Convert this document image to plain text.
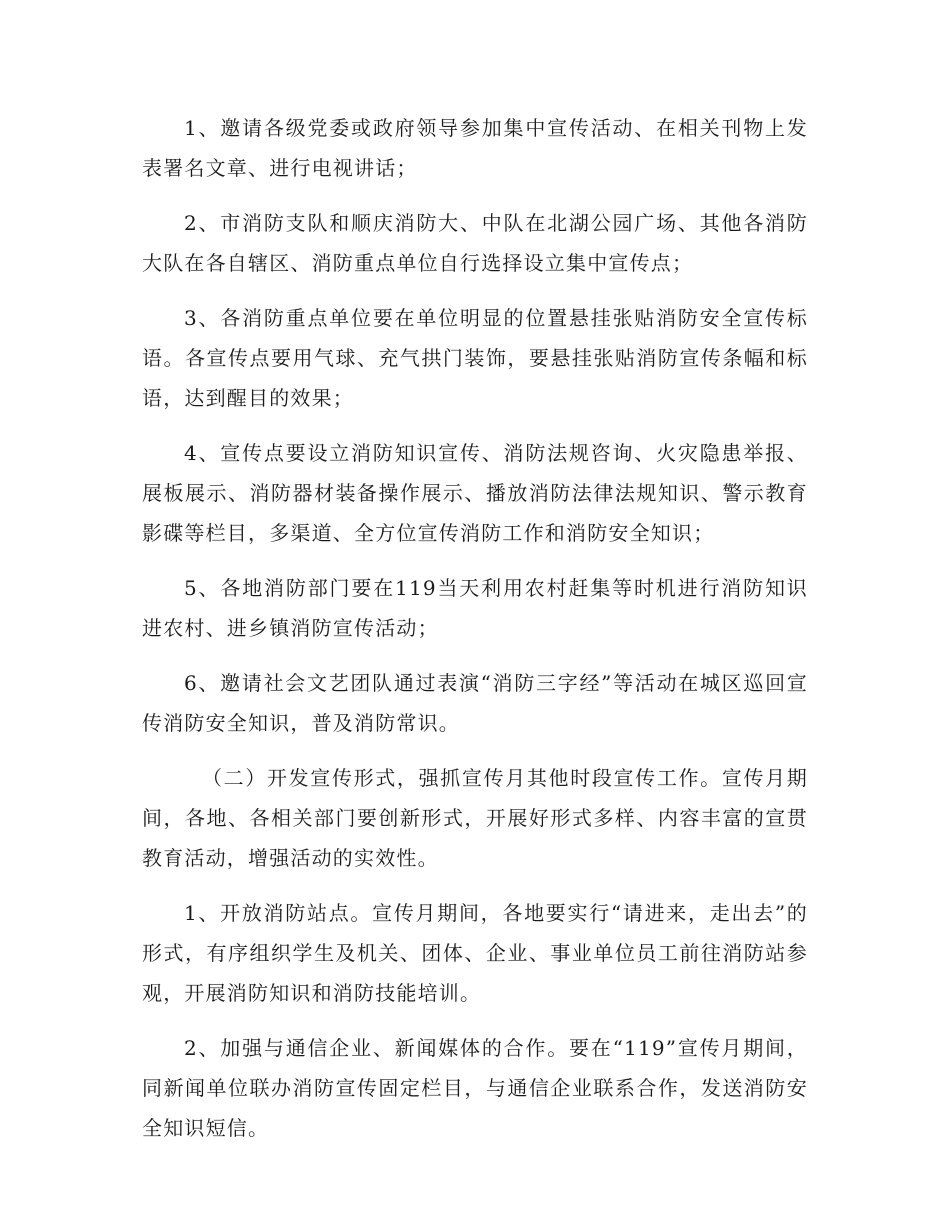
1、邀请各级党委或政府领导参加集中宣传活动、在相关刊物上发表署名文章、进行电视讲话；

2、市消防支队和顺庆消防大、中队在北湖公园广场、其他各消防大队在各自辖区、消防重点单位自行选择设立集中宣传点；

3、各消防重点单位要在单位明显的位置悬挂张贴消防安全宣传标语。各宣传点要用气球、充气拱门装饰，要悬挂张贴消防宣传条幅和标语，达到醒目的效果；

4、宣传点要设立消防知识宣传、消防法规咨询、火灾隐患举报、展板展示、消防器材装备操作展示、播放消防法律法规知识、警示教育影碟等栏目，多渠道、全方位宣传消防工作和消防安全知识；

5、各地消防部门要在119当天利用农村赶集等时机进行消防知识进农村、进乡镇消防宣传活动；

6、邀请社会文艺团队通过表演“消防三字经”等活动在城区巡回宣传消防安全知识，普及消防常识。

（二）开发宣传形式，强抓宣传月其他时段宣传工作。宣传月期间，各地、各相关部门要创新形式，开展好形式多样、内容丰富的宣贯教育活动，增强活动的实效性。

1、开放消防站点。宣传月期间，各地要实行“请进来，走出去”的形式，有序组织学生及机关、团体、企业、事业单位员工前往消防站参观，开展消防知识和消防技能培训。

2、加强与通信企业、新闻媒体的合作。要在“119”宣传月期间，同新闻单位联办消防宣传固定栏目，与通信企业联系合作，发送消防安全知识短信。
